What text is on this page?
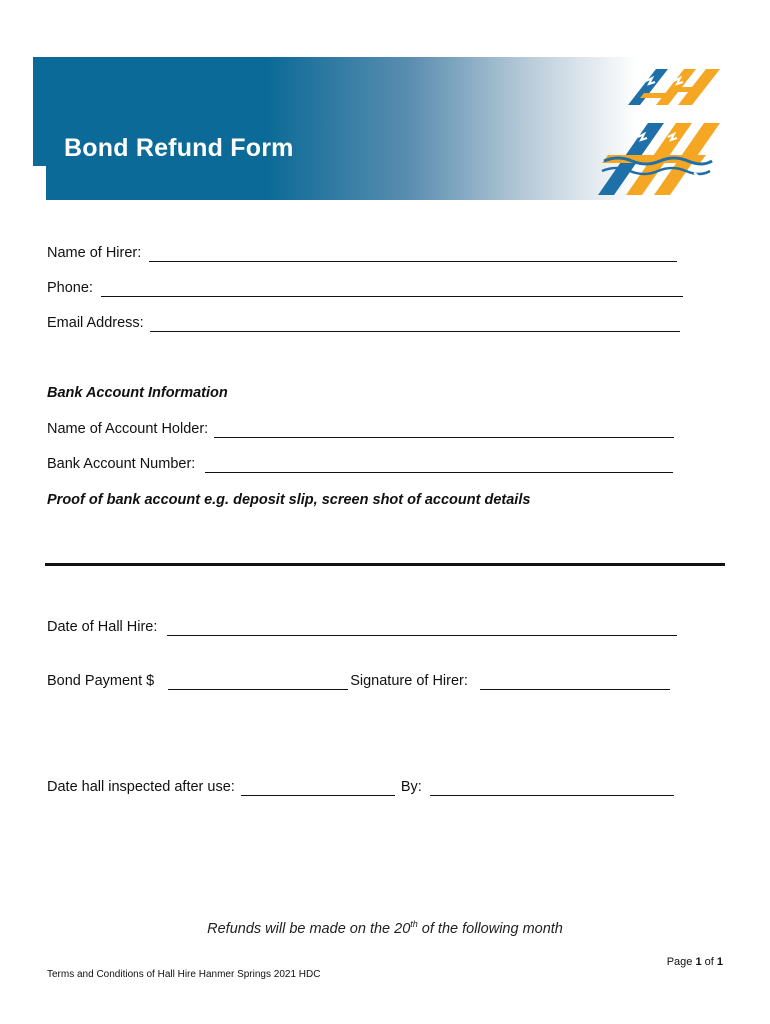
Bond Refund Form
Name of Hirer:
Phone:
Email Address:
Bank Account Information
Name of Account Holder:
Bank Account Number:
Proof of bank account e.g. deposit slip, screen shot of account details
Date of Hall Hire:
Bond Payment $	Signature of Hirer:
Date hall inspected after use:	By:
Refunds will be made on the 20th of the following month
Page 1 of 1
Terms and Conditions of Hall Hire Hanmer Springs 2021 HDC
